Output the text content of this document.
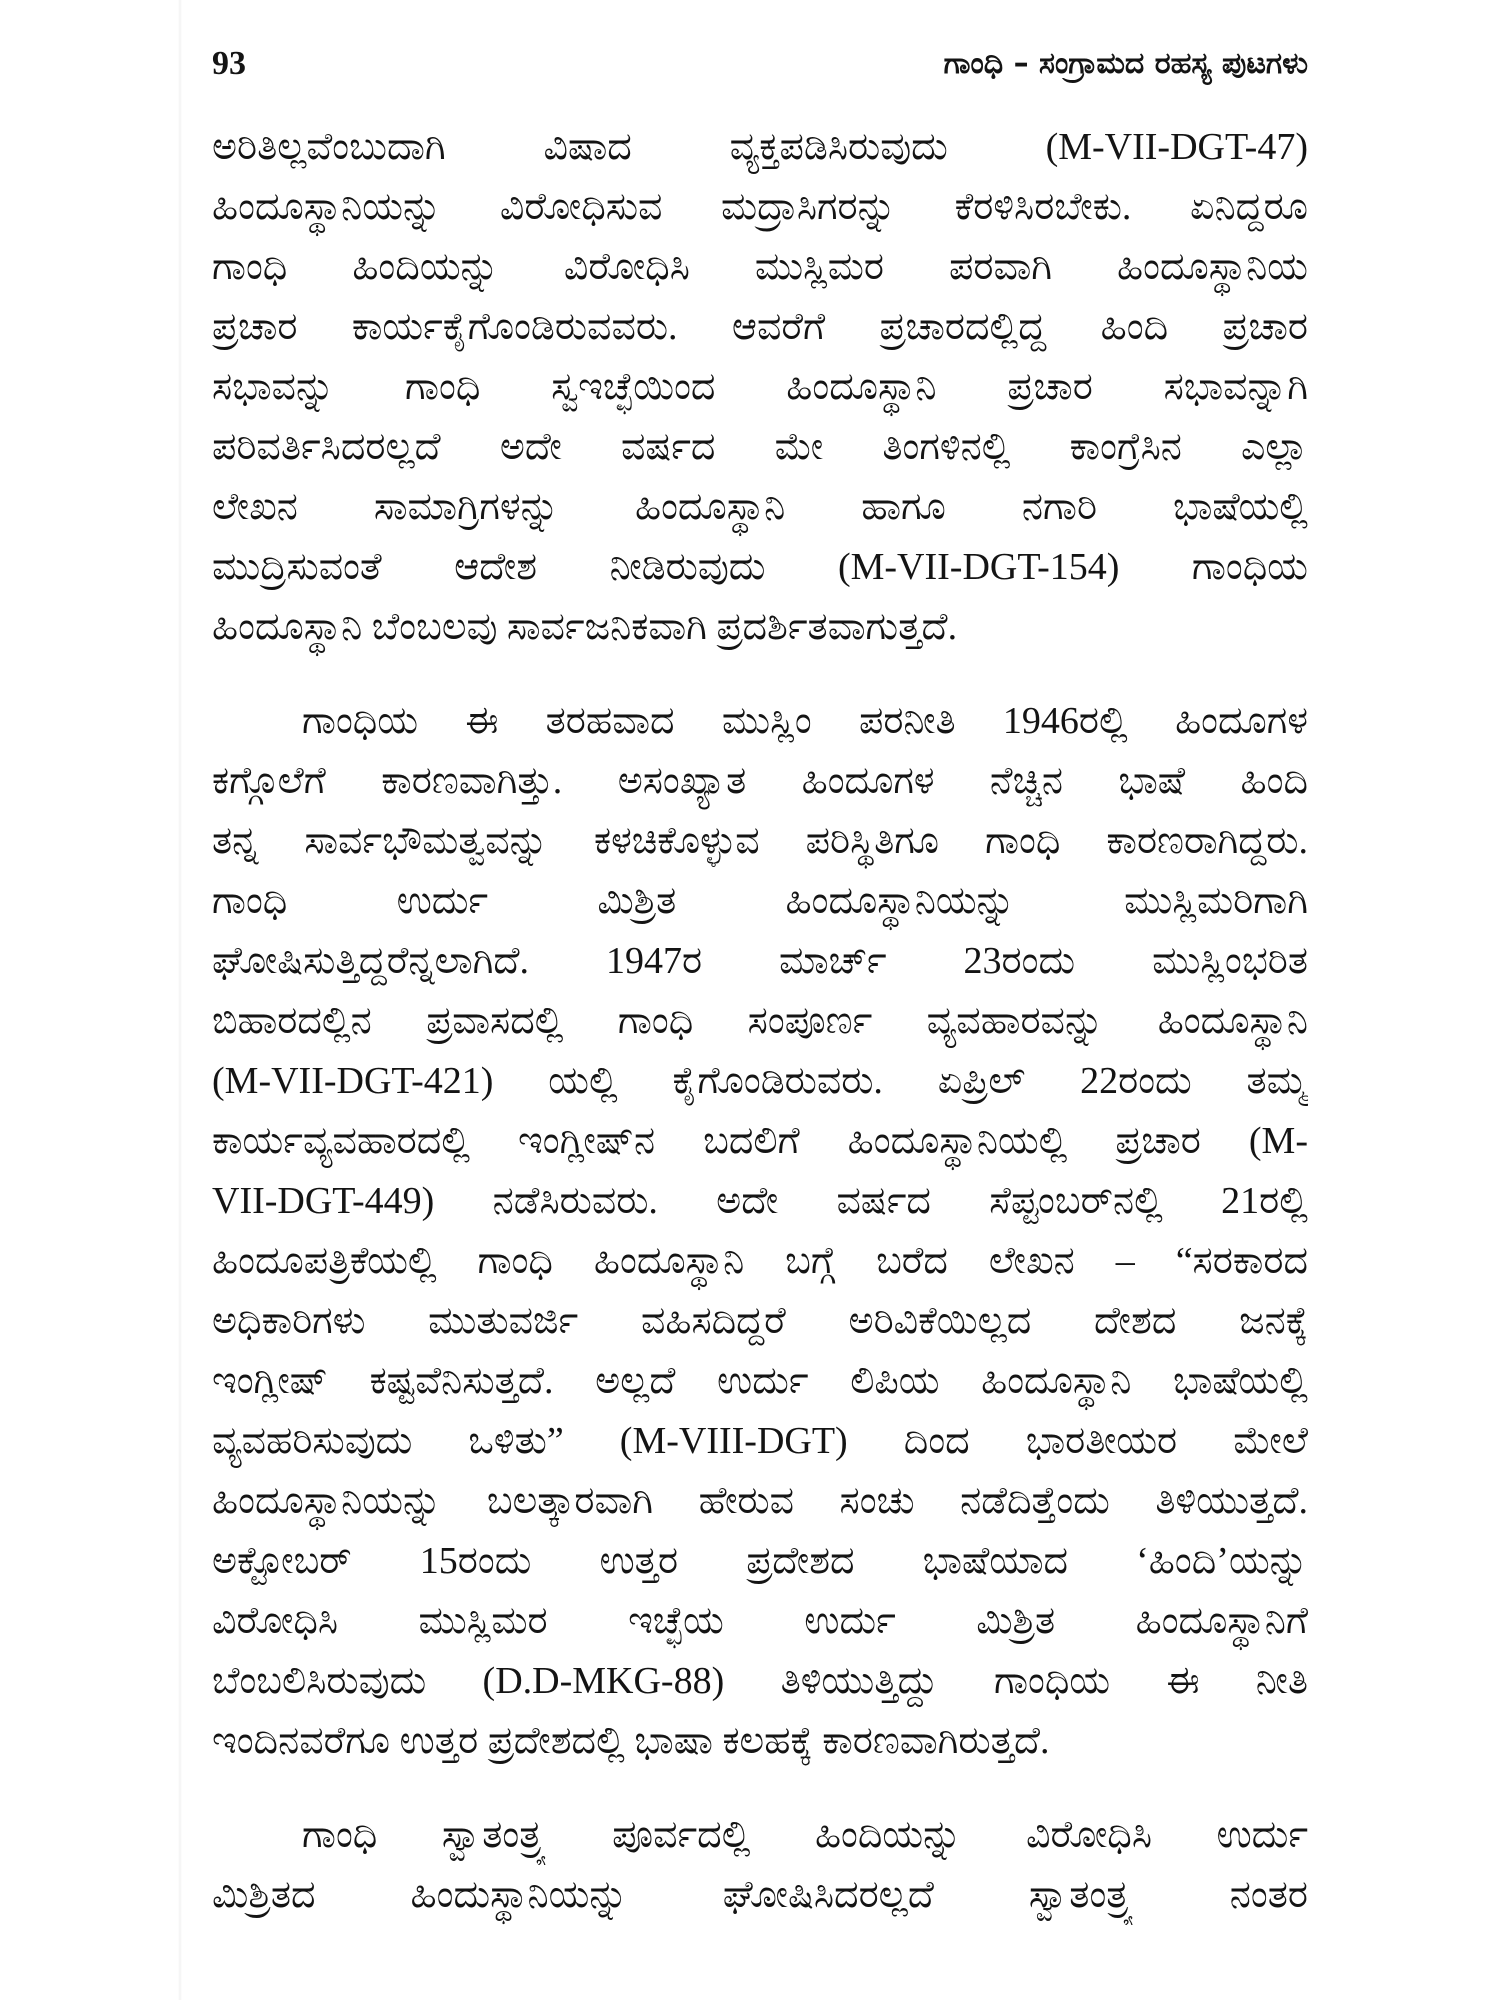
93	ಗಾಂಧಿ – ಸಂಗ್ರಾಮದ ರಹಸ್ಯ ಪುಟಗಳು
ಅರಿತಿಲ್ಲವೆಂಬುದಾಗಿ ವಿಷಾದ ವ್ಯಕ್ತಪಡಿಸಿರುವುದು (M-VII-DGT-47)
ಹಿಂದೂಸ್ಥಾನಿಯನ್ನು ವಿರೋಧಿಸುವ ಮದ್ರಾಸಿಗರನ್ನು ಕೆರಳಿಸಿರಬೇಕು. ಏನಿದ್ದರೂ
ಗಾಂಧಿ ಹಿಂದಿಯನ್ನು ವಿರೋಧಿಸಿ ಮುಸ್ಲಿಮರ ಪರವಾಗಿ ಹಿಂದೂಸ್ಥಾನಿಯ
ಪ್ರಚಾರ ಕಾರ್ಯಕೈಗೊಂಡಿರುವವರು. ಆವರೆಗೆ ಪ್ರಚಾರದಲ್ಲಿದ್ದ ಹಿಂದಿ ಪ್ರಚಾರ
ಸಭಾವನ್ನು ಗಾಂಧಿ ಸ್ವಇಚ್ಛೆಯಿಂದ ಹಿಂದೂಸ್ಥಾನಿ ಪ್ರಚಾರ ಸಭಾವನ್ನಾಗಿ
ಪರಿವರ್ತಿಸಿದರಲ್ಲದೆ ಅದೇ ವರ್ಷದ ಮೇ ತಿಂಗಳಿನಲ್ಲಿ ಕಾಂಗ್ರೆಸಿನ ಎಲ್ಲಾ
ಲೇಖನ ಸಾಮಾಗ್ರಿಗಳನ್ನು ಹಿಂದೂಸ್ಥಾನಿ ಹಾಗೂ ನಗಾರಿ ಭಾಷೆಯಲ್ಲಿ
ಮುದ್ರಿಸುವಂತೆ ಆದೇಶ ನೀಡಿರುವುದು (M-VII-DGT-154) ಗಾಂಧಿಯ
ಹಿಂದೂಸ್ಥಾನಿ ಬೆಂಬಲವು ಸಾರ್ವಜನಿಕವಾಗಿ ಪ್ರದರ್ಶಿತವಾಗುತ್ತದೆ.
ಗಾಂಧಿಯ ಈ ತರಹವಾದ ಮುಸ್ಲಿಂ ಪರನೀತಿ 1946ರಲ್ಲಿ ಹಿಂದೂಗಳ
ಕಗ್ಗೊಲೆಗೆ ಕಾರಣವಾಗಿತ್ತು. ಅಸಂಖ್ಯಾತ ಹಿಂದೂಗಳ ನೆಚ್ಚಿನ ಭಾಷೆ ಹಿಂದಿ
ತನ್ನ ಸಾರ್ವಭೌಮತ್ವವನ್ನು ಕಳಚಿಕೊಳ್ಳುವ ಪರಿಸ್ಥಿತಿಗೂ ಗಾಂಧಿ ಕಾರಣರಾಗಿದ್ದರು.
ಗಾಂಧಿ ಉರ್ದು ಮಿಶ್ರಿತ ಹಿಂದೂಸ್ಥಾನಿಯನ್ನು ಮುಸ್ಲಿಮರಿಗಾಗಿ
ಘೋಷಿಸುತ್ತಿದ್ದರೆನ್ನಲಾಗಿದೆ. 1947ರ ಮಾರ್ಚ್ 23ರಂದು ಮುಸ್ಲಿಂಭರಿತ
ಬಿಹಾರದಲ್ಲಿನ ಪ್ರವಾಸದಲ್ಲಿ ಗಾಂಧಿ ಸಂಪೂರ್ಣ ವ್ಯವಹಾರವನ್ನು ಹಿಂದೂಸ್ಥಾನಿ
(M-VII-DGT-421) ಯಲ್ಲಿ ಕೈಗೊಂಡಿರುವರು. ಏಪ್ರಿಲ್ 22ರಂದು ತಮ್ಮ
ಕಾರ್ಯವ್ಯವಹಾರದಲ್ಲಿ ಇಂಗ್ಲೀಷ್‌ನ ಬದಲಿಗೆ ಹಿಂದೂಸ್ಥಾನಿಯಲ್ಲಿ ಪ್ರಚಾರ (M-
VII-DGT-449) ನಡೆಸಿರುವರು. ಅದೇ ವರ್ಷದ ಸೆಪ್ಟಂಬರ್‌ನಲ್ಲಿ 21ರಲ್ಲಿ
ಹಿಂದೂಪತ್ರಿಕೆಯಲ್ಲಿ ಗಾಂಧಿ ಹಿಂದೂಸ್ಥಾನಿ ಬಗ್ಗೆ ಬರೆದ ಲೇಖನ – “ಸರಕಾರದ
ಅಧಿಕಾರಿಗಳು ಮುತುವರ್ಜಿ ವಹಿಸದಿದ್ದರೆ ಅರಿವಿಕೆಯಿಲ್ಲದ ದೇಶದ ಜನಕ್ಕೆ
ಇಂಗ್ಲೀಷ್ ಕಷ್ಟವೆನಿಸುತ್ತದೆ. ಅಲ್ಲದೆ ಉರ್ದು ಲಿಪಿಯ ಹಿಂದೂಸ್ಥಾನಿ ಭಾಷೆಯಲ್ಲಿ
ವ್ಯವಹರಿಸುವುದು ಒಳಿತು” (M-VIII-DGT) ದಿಂದ ಭಾರತೀಯರ ಮೇಲೆ
ಹಿಂದೂಸ್ಥಾನಿಯನ್ನು ಬಲತ್ಕಾರವಾಗಿ ಹೇರುವ ಸಂಚು ನಡೆದಿತ್ತೆಂದು ತಿಳಿಯುತ್ತದೆ.
ಅಕ್ಟೋಬರ್ 15ರಂದು ಉತ್ತರ ಪ್ರದೇಶದ ಭಾಷೆಯಾದ ‘ಹಿಂದಿ’ಯನ್ನು
ವಿರೋಧಿಸಿ ಮುಸ್ಲಿಮರ ಇಚ್ಛೆಯ ಉರ್ದು ಮಿಶ್ರಿತ ಹಿಂದೂಸ್ಥಾನಿಗೆ
ಬೆಂಬಲಿಸಿರುವುದು (D.D-MKG-88) ತಿಳಿಯುತ್ತಿದ್ದು ಗಾಂಧಿಯ ಈ ನೀತಿ
ಇಂದಿನವರೆಗೂ ಉತ್ತರ ಪ್ರದೇಶದಲ್ಲಿ ಭಾಷಾ ಕಲಹಕ್ಕೆ ಕಾರಣವಾಗಿರುತ್ತದೆ.
ಗಾಂಧಿ ಸ್ವಾತಂತ್ರ್ಯ ಪೂರ್ವದಲ್ಲಿ ಹಿಂದಿಯನ್ನು ವಿರೋಧಿಸಿ ಉರ್ದು
ಮಿಶ್ರಿತದ ಹಿಂದುಸ್ಥಾನಿಯನ್ನು ಘೋಷಿಸಿದರಲ್ಲದೆ ಸ್ವಾತಂತ್ರ್ಯ ನಂತರ
